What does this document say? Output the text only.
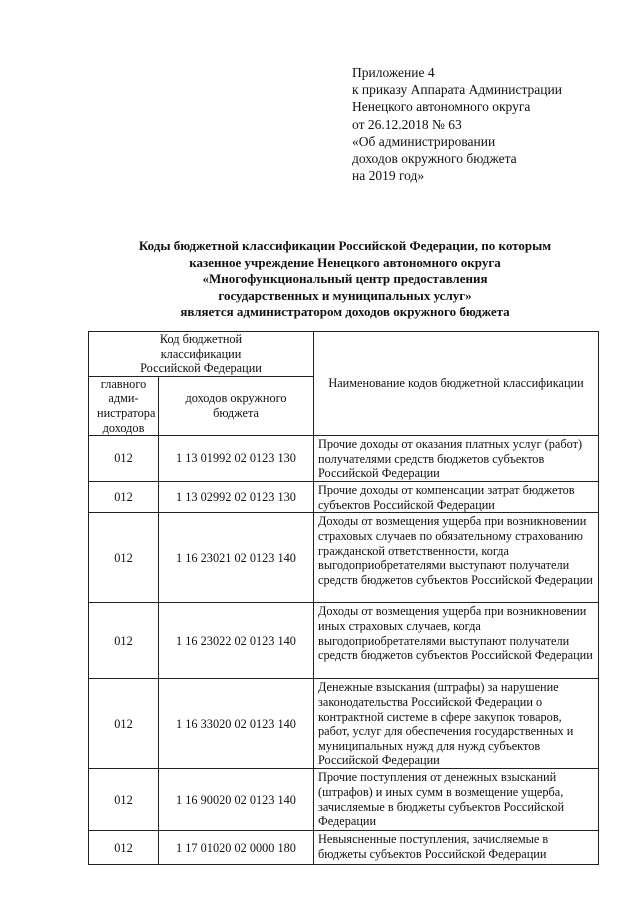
Приложение 4
к приказу Аппарата Администрации
Ненецкого автономного округа
от 26.12.2018 № 63
«Об администрировании
доходов окружного бюджета
на 2019 год»
Коды бюджетной классификации Российской Федерации, по которым
казенное учреждение Ненецкого автономного округа
«Многофункциональный центр предоставления
государственных и муниципальных услуг»
является администратором доходов окружного бюджета
Код бюджетной классификации Российской Федерации		Наименование кодов бюджетной классификации
главного адми-нистратора доходов	доходов окружного бюджета	
012	1 13 01992 02 0123 130	Прочие доходы от оказания платных услуг (работ) получателями средств бюджетов субъектов Российской Федерации
012	1 13 02992 02 0123 130	Прочие доходы от компенсации затрат бюджетов субъектов Российской Федерации
012	1 16 23021 02 0123 140	Доходы от возмещения ущерба при возникновении страховых случаев по обязательному страхованию гражданской ответственности, когда выгодоприобретателями выступают получатели средств бюджетов субъектов Российской Федерации
012	1 16 23022 02 0123 140	Доходы от возмещения ущерба при возникновении иных страховых случаев, когда выгодоприобретателями выступают получатели средств бюджетов субъектов Российской Федерации
012	1 16 33020 02 0123 140	Денежные взыскания (штрафы) за нарушение законодательства Российской Федерации о контрактной системе в сфере закупок товаров, работ, услуг для обеспечения государственных и муниципальных нужд для нужд субъектов Российской Федерации
012	1 16 90020 02 0123 140	Прочие поступления от денежных взысканий (штрафов) и иных сумм в возмещение ущерба, зачисляемые в бюджеты субъектов Российской Федерации
012	1 17 01020 02 0000 180	Невыясненные поступления, зачисляемые в бюджеты субъектов Российской Федерации
